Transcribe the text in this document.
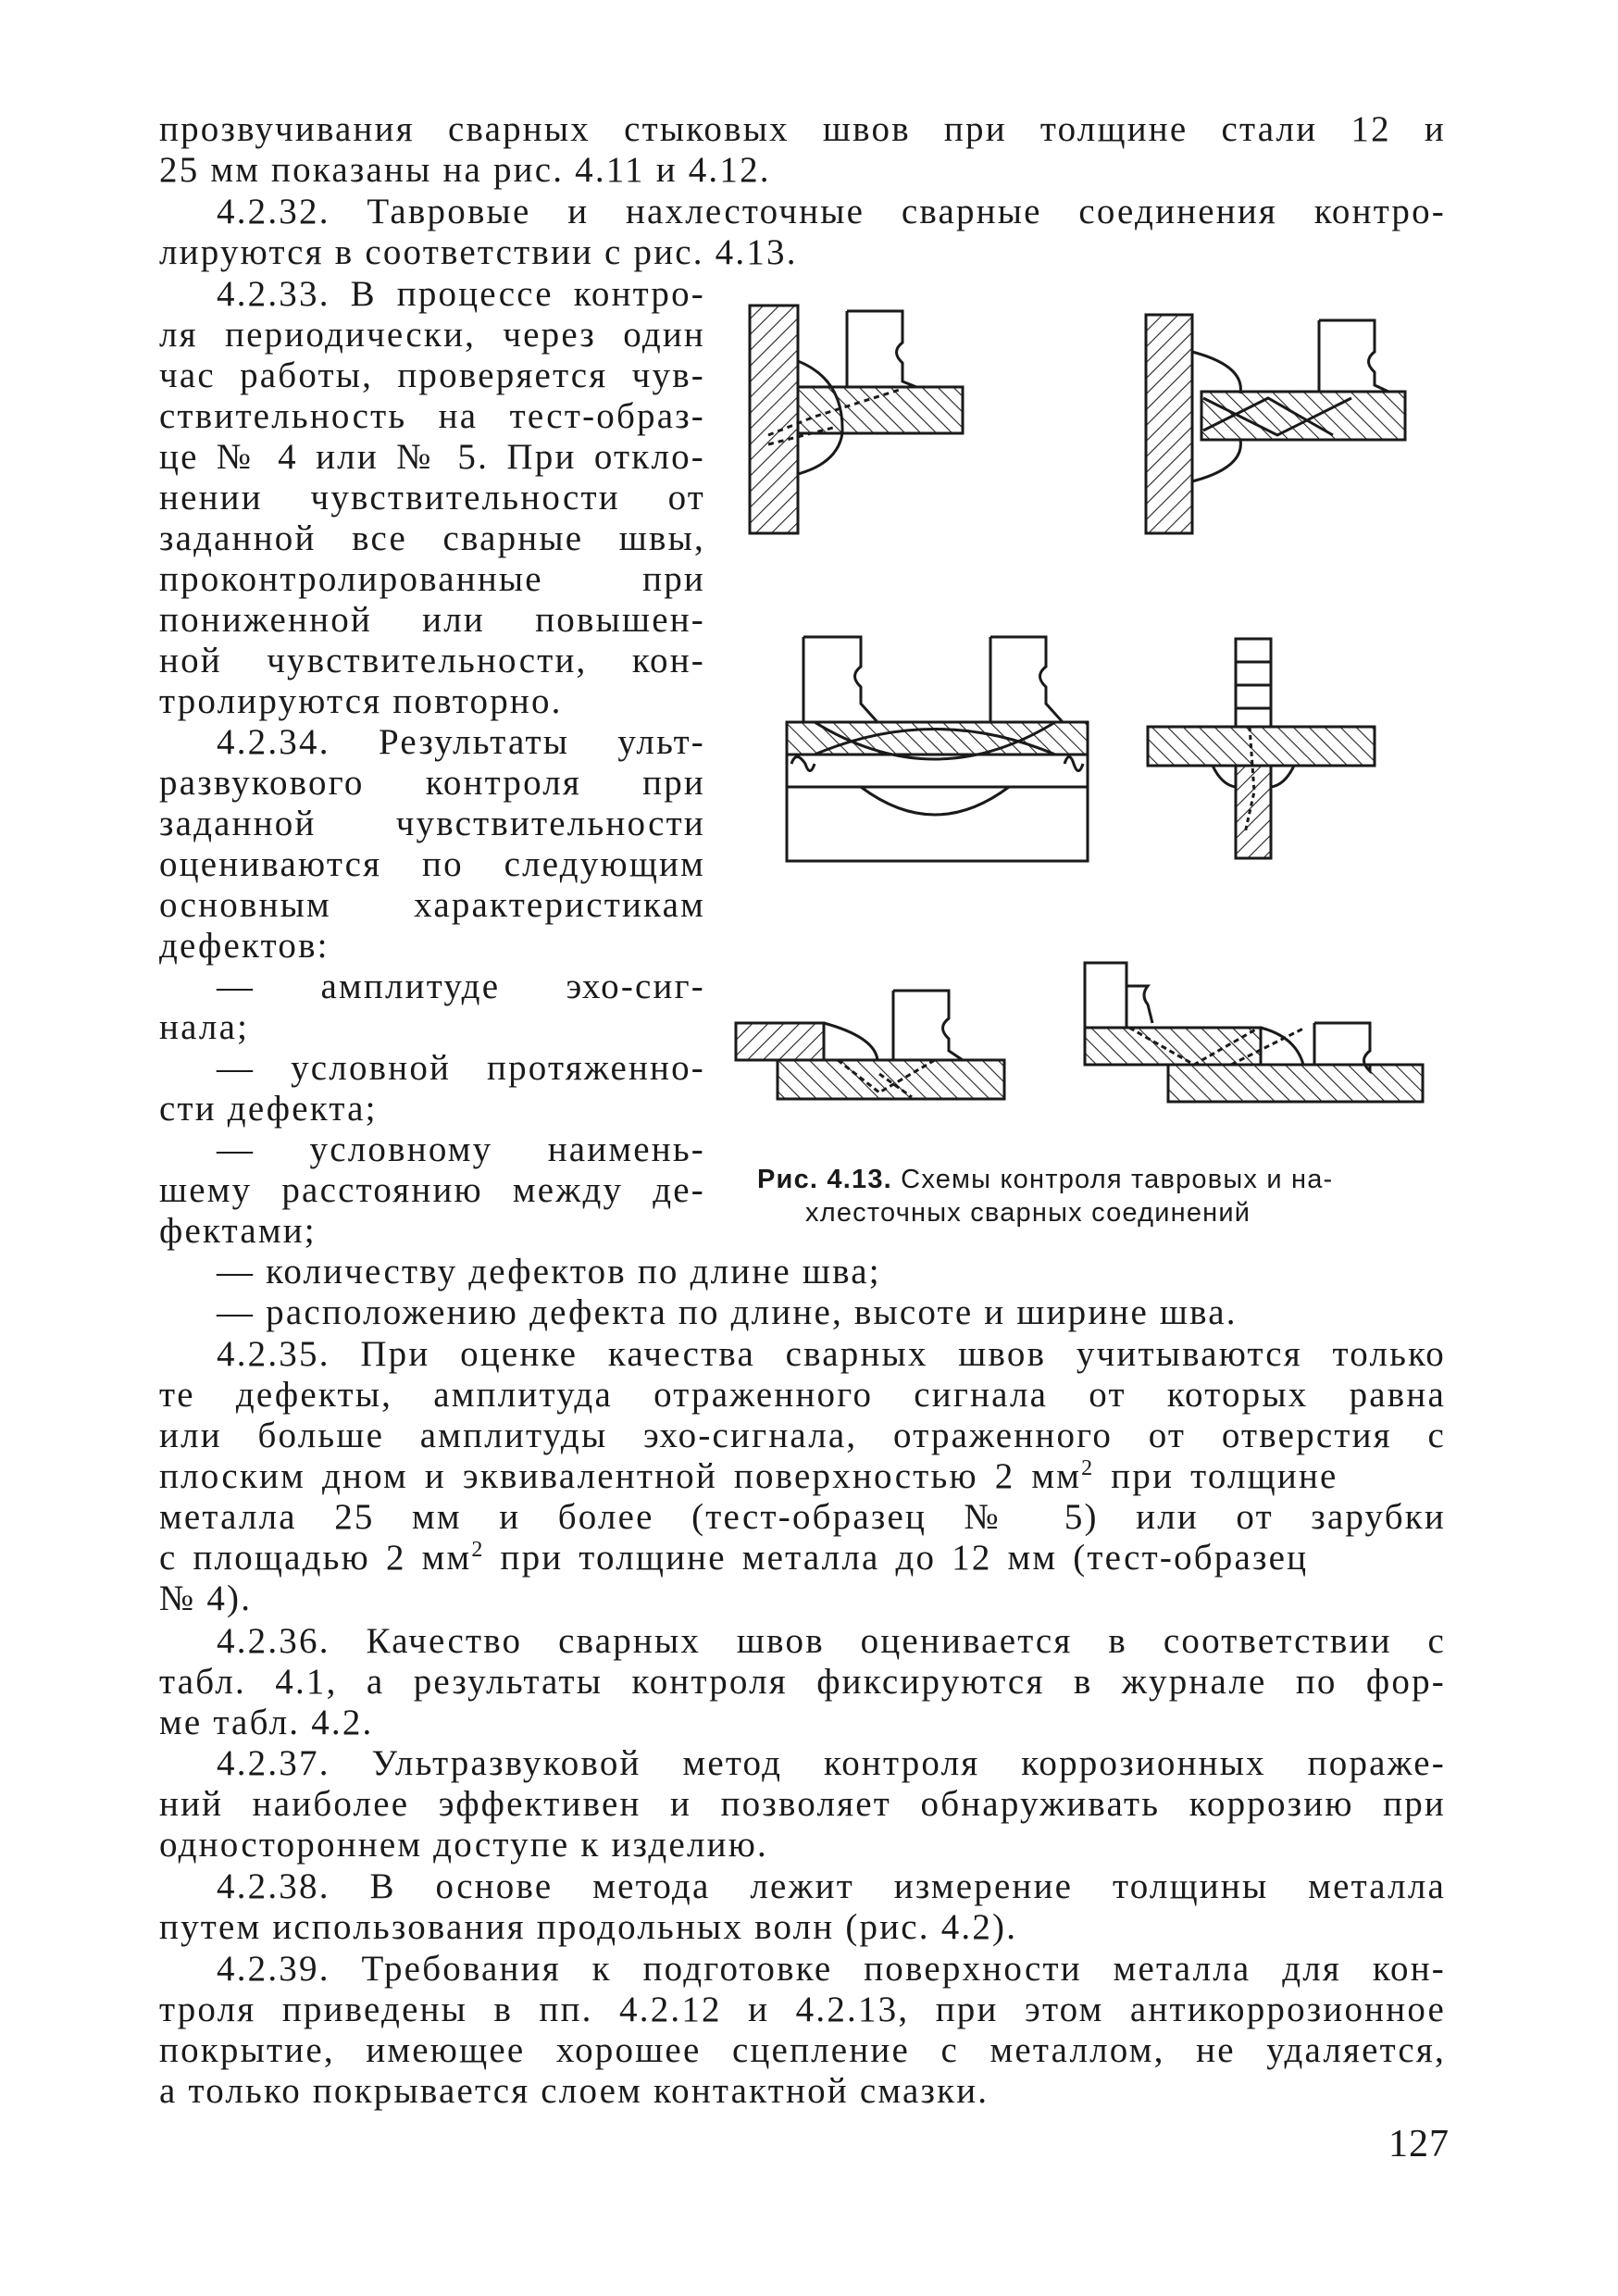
прозвучивания сварных стыковых швов при толщине стали 12 и
25 мм показаны на рис. 4.11 и 4.12.
4.2.32. Тавровые и нахлесточные сварные соединения контро-
лируются в соответствии с рис. 4.13.
4.2.33. В процессе контро-
ля периодически, через один
час работы, проверяется чув-
ствительность на тест-образ-
це № 4 или № 5. При откло-
нении чувствительности от
заданной все сварные швы,
проконтролированные при
пониженной или повышен-
ной чувствительности, кон-
тролируются повторно.
4.2.34. Результаты ульт-
развукового контроля при
заданной чувствительности
оцениваются по следующим
основным характеристикам
дефектов:
— амплитуде эхо-сиг-
нала;
— условной протяженно-
сти дефекта;
— условному наимень-
шему расстоянию между де-
фектами;
— количеству дефектов по длине шва;
— расположению дефекта по длине, высоте и ширине шва.
4.2.35. При оценке качества сварных швов учитываются только
те дефекты, амплитуда отраженного сигнала от которых равна
или больше амплитуды эхо-сигнала, отраженного от отверстия с
плоским дном и эквивалентной поверхностью 2 $мм^2$ при толщине
металла 25 мм и более (тест-образец № 5) или от зарубки
с площадью 2 $мм^2$ при толщине металла до 12 мм (тест-образец
№ 4).
4.2.36. Качество сварных швов оценивается в соответствии с
табл. 4.1, а результаты контроля фиксируются в журнале по фор-
ме табл. 4.2.
4.2.37. Ультразвуковой метод контроля коррозионных пораже-
ний наиболее эффективен и позволяет обнаруживать коррозию при
одностороннем доступе к изделию.
4.2.38. В основе метода лежит измерение толщины металла
путем использования продольных волн (рис. 4.2).
4.2.39. Требования к подготовке поверхности металла для кон-
троля приведены в пп. 4.2.12 и 4.2.13, при этом антикоррозионное
покрытие, имеющее хорошее сцепление с металлом, не удаляется,
а только покрывается слоем контактной смазки.
Рис. 4.13. Схемы контроля тавровых и на-
хлесточных сварных соединений
127
